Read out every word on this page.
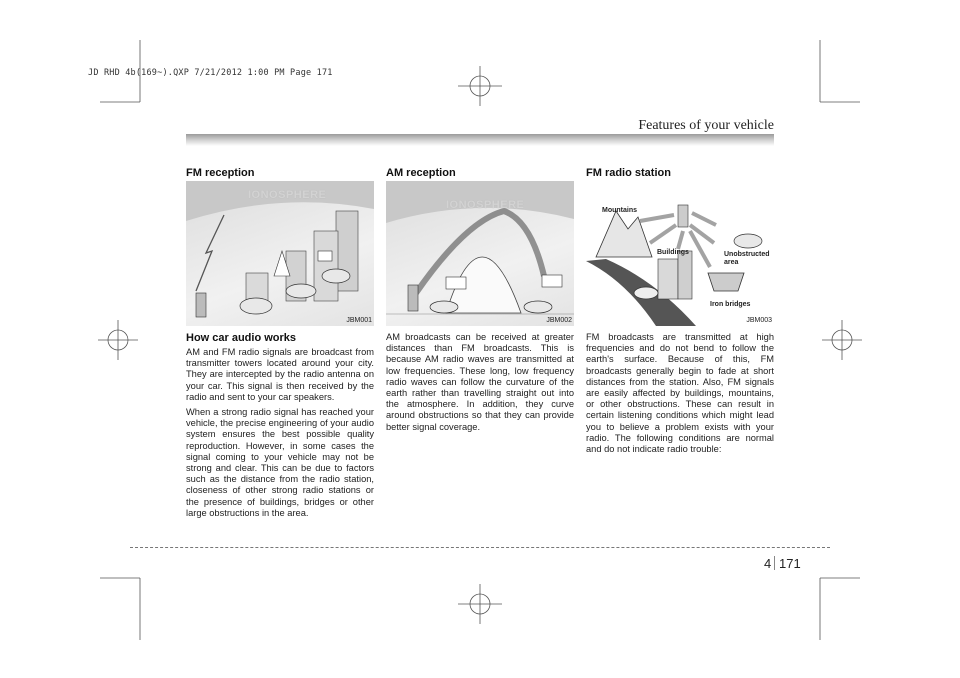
JD RHD 4b(169~).QXP 7/21/2012 1:00 PM Page 171
Features of your vehicle
FM reception
IONOSPHERE
JBM001
How car audio works

AM and FM radio signals are broadcast from transmitter towers located around your city. They are intercepted by the radio antenna on your car. This signal is then received by the radio and sent to your car speakers.

When a strong radio signal has reached your vehicle, the precise engineering of your audio system ensures the best possible quality reproduction. However, in some cases the signal coming to your vehicle may not be strong and clear. This can be due to factors such as the distance from the radio station, closeness of other strong radio stations or the presence of buildings, bridges or other large obstructions in the area.

AM reception
IONOSPHERE
JBM002

AM broadcasts can be received at greater distances than FM broadcasts. This is because AM radio waves are transmitted at low frequencies. These long, low frequency radio waves can follow the curvature of the earth rather than travelling straight out into the atmosphere. In addition, they curve around obstructions so that they can provide better signal coverage.

FM radio station
Mountains
Buildings	Unobstructed area
Iron bridges
JBM003

FM broadcasts are transmitted at high frequencies and do not bend to follow the earth's surface. Because of this, FM broadcasts generally begin to fade at short distances from the station. Also, FM signals are easily affected by buildings, mountains, or other obstructions. These can result in certain listening conditions which might lead you to believe a problem exists with your radio. The following conditions are normal and do not indicate radio trouble:

4 171
